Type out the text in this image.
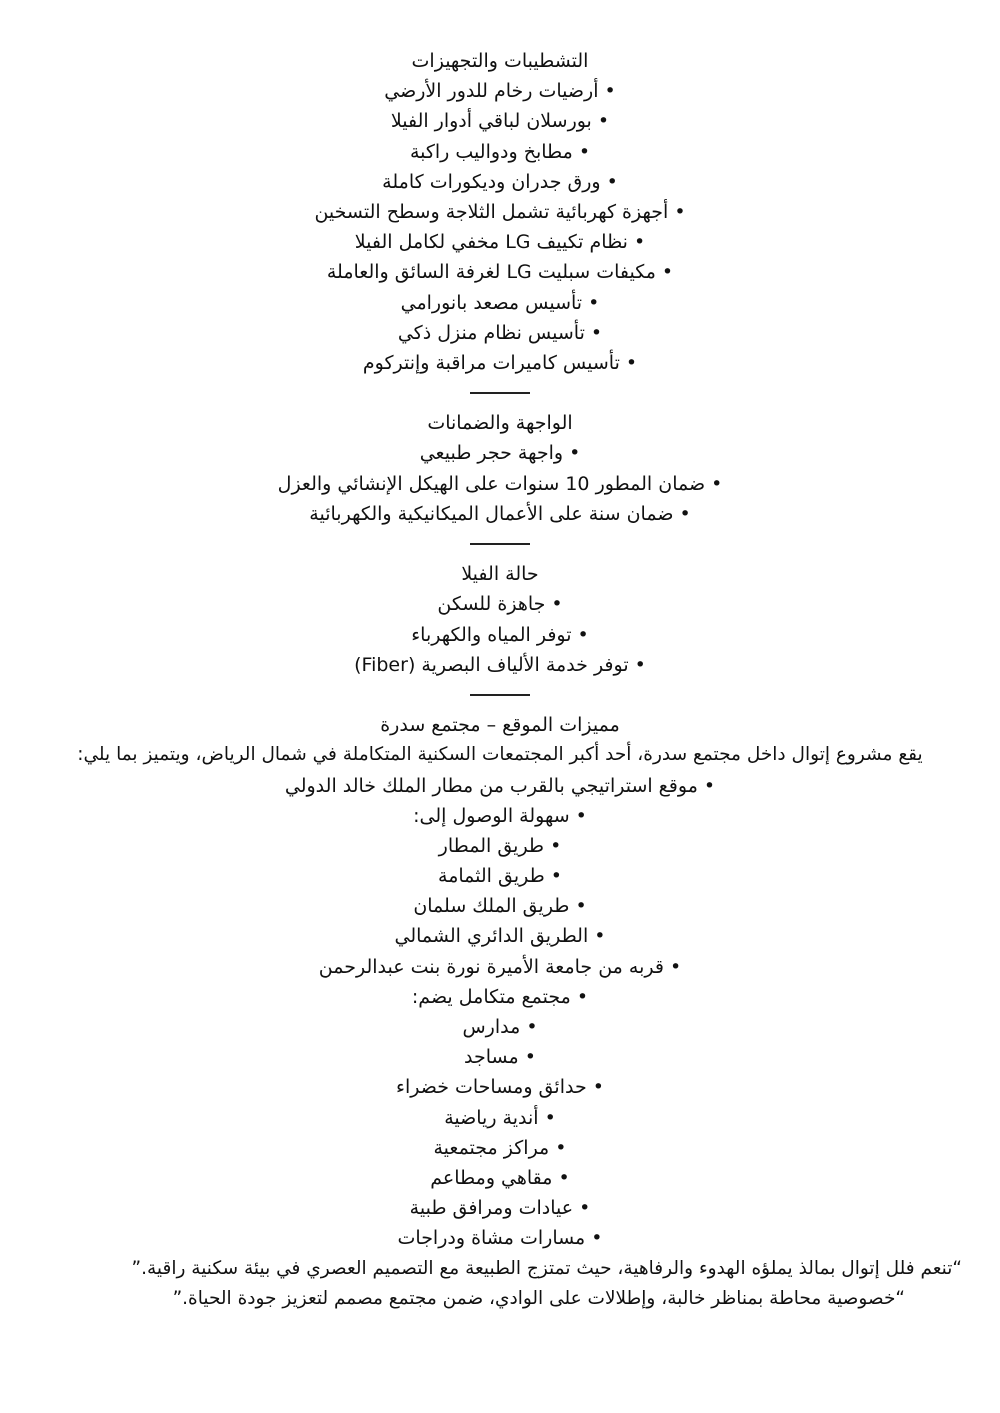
التشطيبات والتجهيزات
• أرضيات رخام للدور الأرضي
• بورسلان لباقي أدوار الفيلا
• مطابخ ودواليب راكبة
• ورق جدران وديكورات كاملة
• أجهزة كهربائية تشمل الثلاجة وسطح التسخين
• نظام تكييف LG مخفي لكامل الفيلا
• مكيفات سبليت LG لغرفة السائق والعاملة
• تأسيس مصعد بانورامي
• تأسيس نظام منزل ذكي
• تأسيس كاميرات مراقبة وإنتركوم
الواجهة والضمانات
• واجهة حجر طبيعي
• ضمان المطور 10 سنوات على الهيكل الإنشائي والعزل
• ضمان سنة على الأعمال الميكانيكية والكهربائية
حالة الفيلا
• جاهزة للسكن
• توفر المياه والكهرباء
• توفر خدمة الألياف البصرية (Fiber)
مميزات الموقع – مجتمع سدرة
يقع مشروع إتوال داخل مجتمع سدرة، أحد أكبر المجتمعات السكنية المتكاملة في شمال الرياض، ويتميز بما يلي:
• موقع استراتيجي بالقرب من مطار الملك خالد الدولي
• سهولة الوصول إلى:
• طريق المطار
• طريق الثمامة
• طريق الملك سلمان
• الطريق الدائري الشمالي
• قربه من جامعة الأميرة نورة بنت عبدالرحمن
• مجتمع متكامل يضم:
• مدارس
• مساجد
• حدائق ومساحات خضراء
• أندية رياضية
• مراكز مجتمعية
• مقاهي ومطاعم
• عيادات ومرافق طبية
• مسارات مشاة ودراجات
“تنعم فلل إتوال بمالذ يملؤه الهدوء والرفاهية، حيث تمتزج الطبيعة مع التصميم العصري في بيئة سكنية راقية.”
“خصوصية محاطة بمناظر خالبة، وإطلالات على الوادي، ضمن مجتمع مصمم لتعزيز جودة الحياة.”
